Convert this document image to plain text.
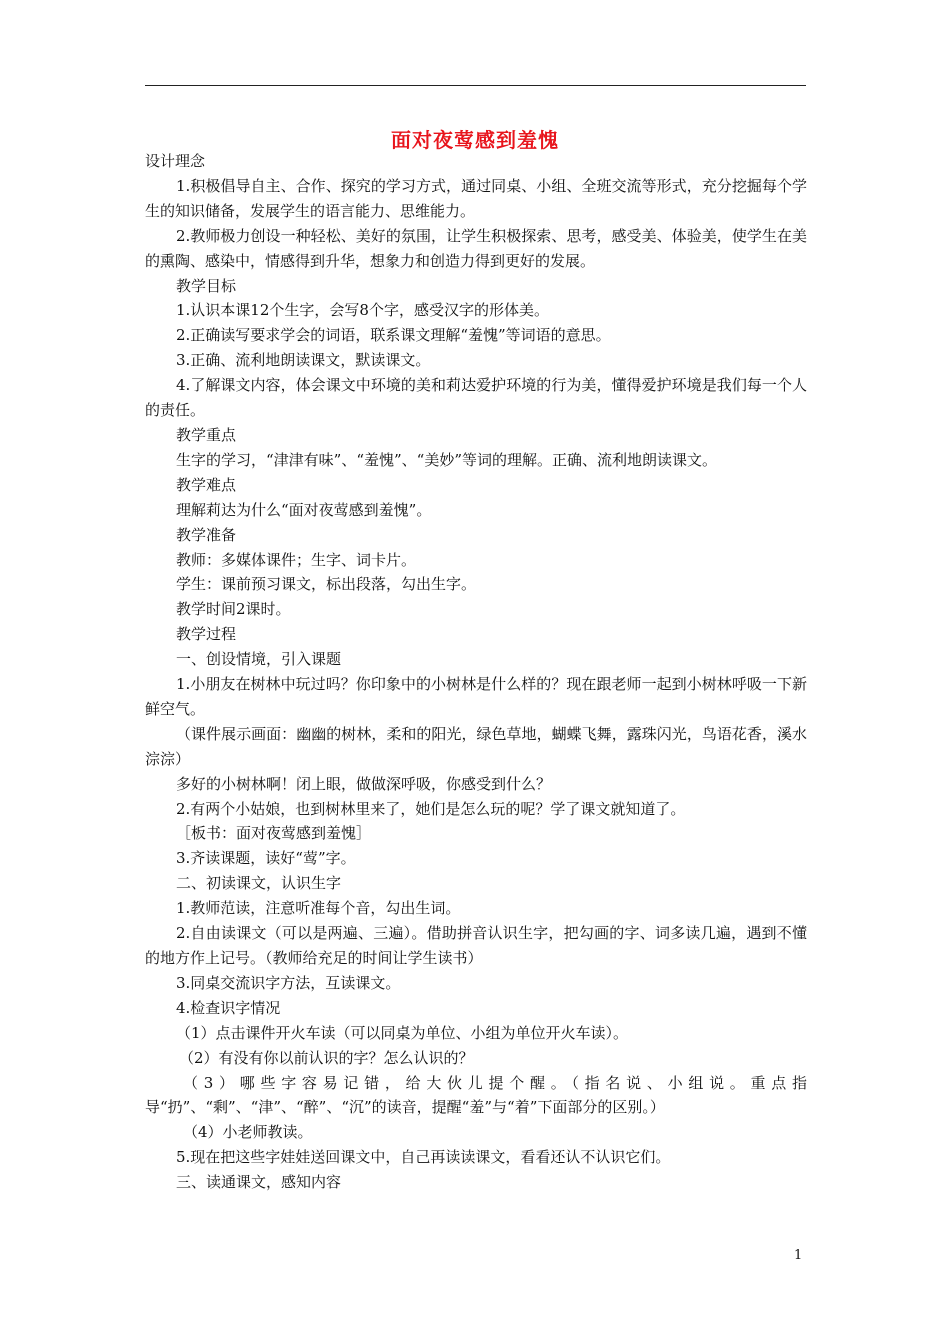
面对夜莺感到羞愧

设计理念

1.积极倡导自主、合作、探究的学习方式，通过同桌、小组、全班交流等形式，充分挖掘每个学生的知识储备，发展学生的语言能力、思维能力。

2.教师极力创设一种轻松、美好的氛围，让学生积极探索、思考，感受美、体验美，使学生在美的熏陶、感染中，情感得到升华，想象力和创造力得到更好的发展。

教学目标

1.认识本课12个生字，会写8个字，感受汉字的形体美。

2.正确读写要求学会的词语，联系课文理解“羞愧”等词语的意思。

3.正确、流利地朗读课文，默读课文。

4.了解课文内容，体会课文中环境的美和莉达爱护环境的行为美，懂得爱护环境是我们每一个人的责任。

教学重点

生字的学习，“津津有味”、“羞愧”、“美妙”等词的理解。正确、流利地朗读课文。

教学难点

理解莉达为什么“面对夜莺感到羞愧”。

教学准备

教师：多媒体课件；生字、词卡片。

学生：课前预习课文，标出段落，勾出生字。

教学时间2课时。

教学过程

一、创设情境，引入课题

1.小朋友在树林中玩过吗？你印象中的小树林是什么样的？现在跟老师一起到小树林呼吸一下新鲜空气。

（课件展示画面：幽幽的树林，柔和的阳光，绿色草地，蝴蝶飞舞，露珠闪光，鸟语花香，溪水淙淙）

多好的小树林啊！闭上眼，做做深呼吸，你感受到什么？

2.有两个小姑娘，也到树林里来了，她们是怎么玩的呢？学了课文就知道了。

［板书：面对夜莺感到羞愧］

3.齐读课题，读好“莺”字。

二、初读课文，认识生字

1.教师范读，注意听准每个音，勾出生词。

2.自由读课文（可以是两遍、三遍）。借助拼音认识生字，把勾画的字、词多读几遍，遇到不懂的地方作上记号。（教师给充足的时间让学生读书）

3.同桌交流识字方法，互读课文。

4.检查识字情况

（1）点击课件开火车读（可以同桌为单位、小组为单位开火车读）。

（2）有没有你以前认识的字？怎么认识的？

（3）哪些字容易记错，给大伙儿提个醒。（指名说、小组说。重点指导“扔”、“剩”、“津”、“醉”、“沉”的读音，提醒“羞”与“着”下面部分的区别。）

（4）小老师教读。

5.现在把这些字娃娃送回课文中，自己再读读课文，看看还认不认识它们。

三、读通课文，感知内容

1
